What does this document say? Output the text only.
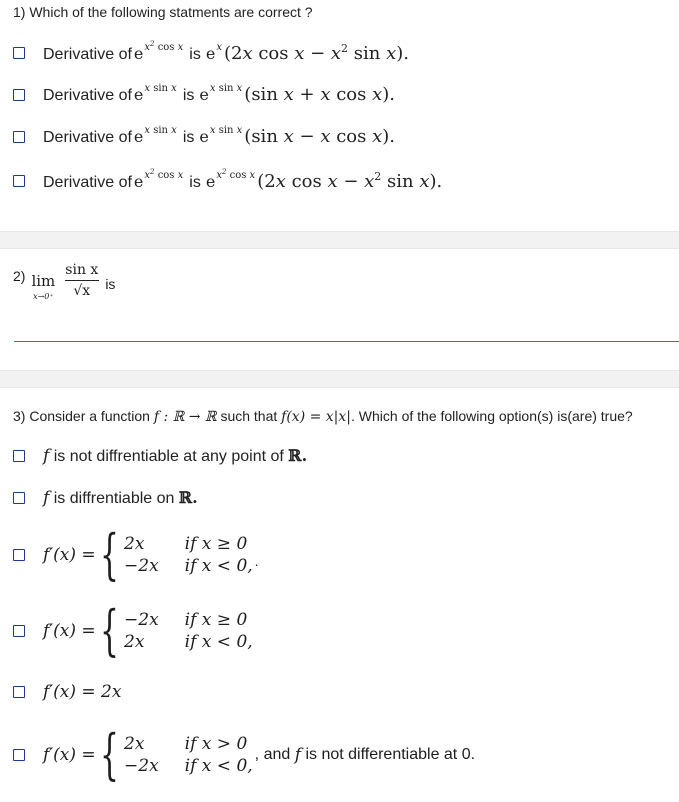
1) Which of the following statments are correct ?
Derivative of e $x^2$ cos x is e x (2x $\cos x - x^2$ sin x).
Derivative of e x sin x is e x sin x (sin x + x cos x).
Derivative of e x sin x is e x sin x (sin x − x cos x).
Derivative of e $x^2$ cos x is e $x^2$ cos x (2x $\cos x - x^2$ sin x).
2) lim
x→0⁺
sin x
√x is
3) Consider a function f : ℝ → ℝ such that f(x) = x|x|. Which of the following option(s) is(are) true?
f is not diffrentiable at any point of ℝ.
f is diffrentiable on ℝ.
f′(x) = { 2x	if x ≥ 0
−2x if x < 0, .
f′(x) = { −2x if x ≥ 0
2x	if x < 0,
f′(x) = 2x
f′(x) = { 2x	if x > 0
−2x if x < 0,
, and f is not differentiable at 0.
